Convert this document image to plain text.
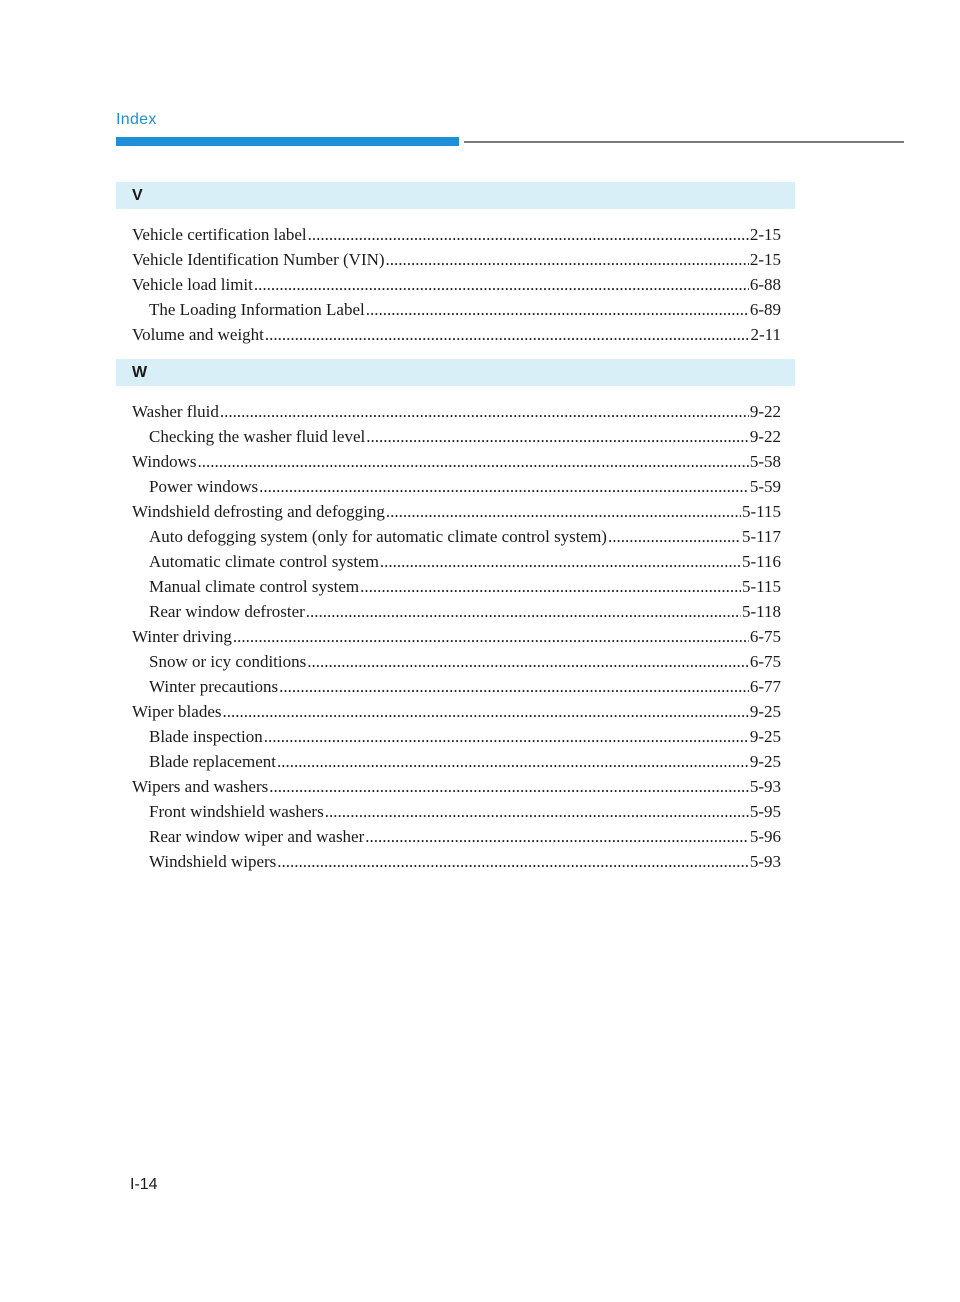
Index
V
Vehicle certification label .....	2-15
Vehicle Identification Number (VIN) .....	2-15
Vehicle load limit .....	6-88
The Loading Information Label .....	6-89
Volume and weight .....	2-11
W
Washer fluid .....	9-22
Checking the washer fluid level .....	9-22
Windows .....	5-58
Power windows .....	5-59
Windshield defrosting and defogging .....	5-115
Auto defogging system (only for automatic climate control system) .....	5-117
Automatic climate control system .....	5-116
Manual climate control system .....	5-115
Rear window defroster .....	5-118
Winter driving .....	6-75
Snow or icy conditions .....	6-75
Winter precautions .....	6-77
Wiper blades .....	9-25
Blade inspection .....	9-25
Blade replacement .....	9-25
Wipers and washers .....	5-93
Front windshield washers .....	5-95
Rear window wiper and washer .....	5-96
Windshield wipers .....	5-93
I-14
